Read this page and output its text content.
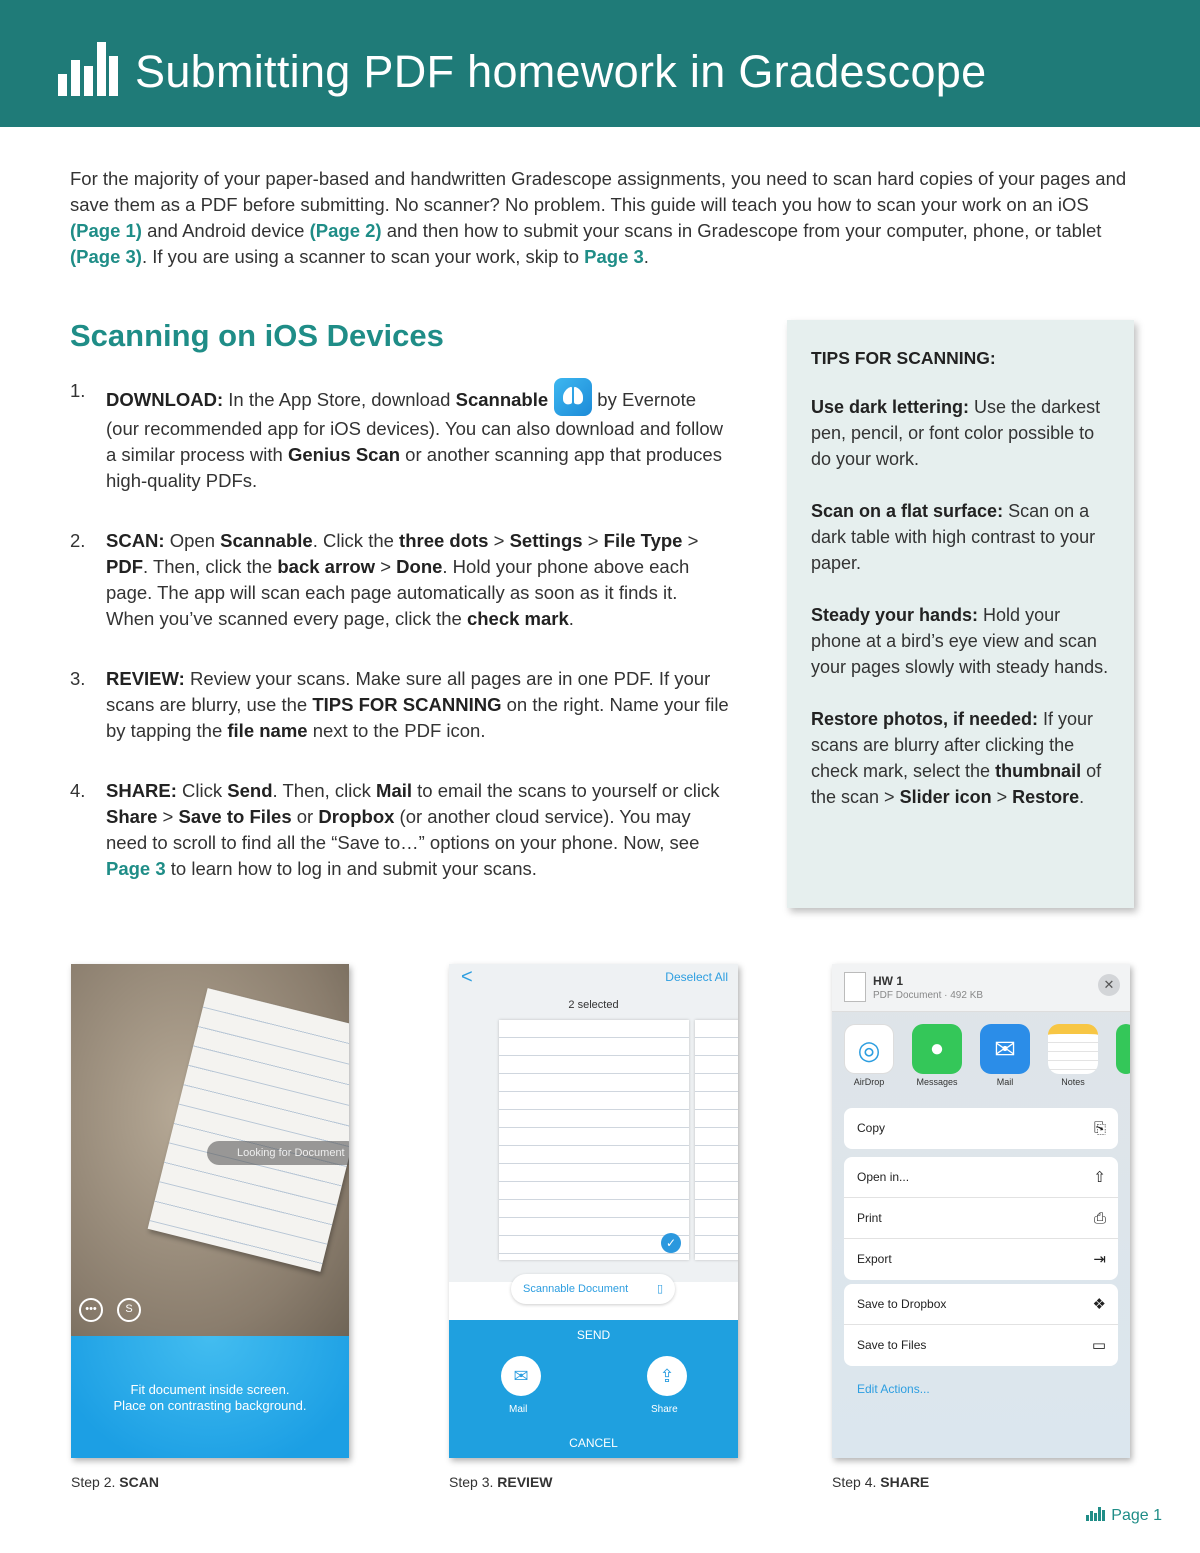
Submitting PDF homework in Gradescope

For the majority of your paper-based and handwritten Gradescope assignments, you need to scan hard copies of your pages and save them as a PDF before submitting. No scanner? No problem. This guide will teach you how to scan your work on an iOS (Page 1) and Android device (Page 2) and then how to submit your scans in Gradescope from your computer, phone, or tablet (Page 3). If you are using a scanner to scan your work, skip to Page 3.

Scanning on iOS Devices
1. DOWNLOAD: In the App Store, download Scannable by Evernote (our recommended app for iOS devices). You can also download and follow a similar process with Genius Scan or another scanning app that produces high-quality PDFs.
2. SCAN: Open Scannable. Click the three dots > Settings > File Type > PDF. Then, click the back arrow > Done. Hold your phone above each page. The app will scan each page automatically as soon as it finds it. When you’ve scanned every page, click the check mark.
3. REVIEW: Review your scans. Make sure all pages are in one PDF. If your scans are blurry, use the TIPS FOR SCANNING on the right. Name your file by tapping the file name next to the PDF icon.
4. SHARE: Click Send. Then, click Mail to email the scans to yourself or click Share > Save to Files or Dropbox (or another cloud service). You may need to scroll to find all the “Save to…” options on your phone. Now, see Page 3 to learn how to log in and submit your scans.
TIPS FOR SCANNING:

Use dark lettering: Use the darkest pen, pencil, or font color possible to do your work.

Scan on a flat surface: Scan on a dark table with high contrast to your paper.

Steady your hands: Hold your phone at a bird’s eye view and scan your pages slowly with steady hands.

Restore photos, if needed: If your scans are blurry after clicking the check mark, select the thumbnail of the scan > Slider icon > Restore.

Looking for Document
•••	S
Fit document inside screen.
Place on contrasting background.
Step 2. SCAN
<	Deselect All
2 selected
✓
Scannable Document	▯
SEND
✉
Mail
⇪
Share
CANCEL
Step 3. REVIEW
HW 1
PDF Document · 492 KB
✕
◎
AirDrop
●
Messages
✉
Mail	Notes
Copy	⎘
Open in...	⇧
Print	⎙
Export	⇥
Save to Dropbox	❖
Save to Files	▭
Edit Actions...
Step 4. SHARE
Page 1
